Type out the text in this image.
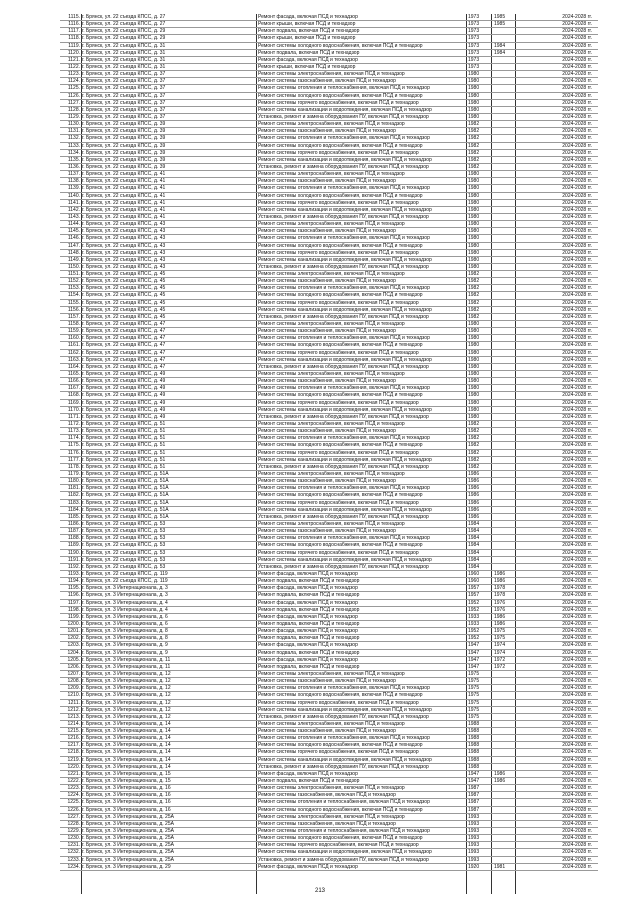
1115. г. Брянск, ул. 22 съезда КПСС, д. 27	Ремонт фасада, включая ПСД и технадзор	1973	1985	2024-2028 гг.
1116. г. Брянск, ул. 22 съезда КПСС, д. 27	Ремонт крыши, включая ПСД и технадзор	1973	1985	2024-2028 гг.
1117. г. Брянск, ул. 22 съезда КПСС, д. 29	Ремонт подвала, включая ПСД и технадзор	1973	2024-2028 гг.
1118. г. Брянск, ул. 22 съезда КПСС, д. 29	Ремонт крыши, включая ПСД и технадзор	1973	2024-2028 гг.
1119. г. Брянск, ул. 22 съезда КПСС, д. 31	Ремонт системы холодного водоснабжения, включая ПСД и технадзор	1973	1984	2024-2028 гг.
1120. г. Брянск, ул. 22 съезда КПСС, д. 31	Ремонт подвала, включая ПСД и технадзор	1973	1984	2024-2028 гг.
1121. г. Брянск, ул. 22 съезда КПСС, д. 31	Ремонт фасада, включая ПСД и технадзор	1973	2024-2028 гг.
1122. г. Брянск, ул. 22 съезда КПСС, д. 31	Ремонт крыши, включая ПСД и технадзор	1973	2024-2028 гг.
1123. г. Брянск, ул. 22 съезда КПСС, д. 37	Ремонт системы электроснабжения, включая ПСД и технадзор	1980	2024-2028 гг.
1124. г. Брянск, ул. 22 съезда КПСС, д. 37	Ремонт системы газоснабжения, включая ПСД и технадзор	1980	2024-2028 гг.
1125. г. Брянск, ул. 22 съезда КПСС, д. 37	Ремонт системы отопления и теплоснабжения, включая ПСД и технадзор	1980	2024-2028 гг.
1126. г. Брянск, ул. 22 съезда КПСС, д. 37	Ремонт системы холодного водоснабжения, включая ПСД и технадзор	1980	2024-2028 гг.
1127. г. Брянск, ул. 22 съезда КПСС, д. 37	Ремонт системы горячего водоснабжения, включая ПСД и технадзор	1980	2024-2028 гг.
1128. г. Брянск, ул. 22 съезда КПСС, д. 37	Ремонт системы канализации и водоотведения, включая ПСД и технадзор	1980	2024-2028 гг.
1129. г. Брянск, ул. 22 съезда КПСС, д. 37	Установка, ремонт и замена оборудования ПУ, включая ПСД и технадзор	1980	2024-2028 гг.
1130. г. Брянск, ул. 22 съезда КПСС, д. 39	Ремонт системы электроснабжения, включая ПСД и технадзор	1982	2024-2028 гг.
1131. г. Брянск, ул. 22 съезда КПСС, д. 39	Ремонт системы газоснабжения, включая ПСД и технадзор	1982	2024-2028 гг.
1132. г. Брянск, ул. 22 съезда КПСС, д. 39	Ремонт системы отопления и теплоснабжения, включая ПСД и технадзор	1982	2024-2028 гг.
1133. г. Брянск, ул. 22 съезда КПСС, д. 39	Ремонт системы холодного водоснабжения, включая ПСД и технадзор	1982	2024-2028 гг.
1134. г. Брянск, ул. 22 съезда КПСС, д. 39	Ремонт системы горячего водоснабжения, включая ПСД и технадзор	1982	2024-2028 гг.
1135. г. Брянск, ул. 22 съезда КПСС, д. 39	Ремонт системы канализации и водоотведения, включая ПСД и технадзор	1982	2024-2028 гг.
1136. г. Брянск, ул. 22 съезда КПСС, д. 39	Установка, ремонт и замена оборудования ПУ, включая ПСД и технадзор	1982	2024-2028 гг.
1137. г. Брянск, ул. 22 съезда КПСС, д. 41	Ремонт системы электроснабжения, включая ПСД и технадзор	1980	2024-2028 гг.
1138. г. Брянск, ул. 22 съезда КПСС, д. 41	Ремонт системы газоснабжения, включая ПСД и технадзор	1980	2024-2028 гг.
1139. г. Брянск, ул. 22 съезда КПСС, д. 41	Ремонт системы отопления и теплоснабжения, включая ПСД и технадзор	1980	2024-2028 гг.
1140. г. Брянск, ул. 22 съезда КПСС, д. 41	Ремонт системы холодного водоснабжения, включая ПСД и технадзор	1980	2024-2028 гг.
1141. г. Брянск, ул. 22 съезда КПСС, д. 41	Ремонт системы горячего водоснабжения, включая ПСД и технадзор	1980	2024-2028 гг.
1142. г. Брянск, ул. 22 съезда КПСС, д. 41	Ремонт системы канализации и водоотведения, включая ПСД и технадзор	1980	2024-2028 гг.
1143. г. Брянск, ул. 22 съезда КПСС, д. 41	Установка, ремонт и замена оборудования ПУ, включая ПСД и технадзор	1980	2024-2028 гг.
1144. г. Брянск, ул. 22 съезда КПСС, д. 43	Ремонт системы электроснабжения, включая ПСД и технадзор	1980	2024-2028 гг.
1145. г. Брянск, ул. 22 съезда КПСС, д. 43	Ремонт системы газоснабжения, включая ПСД и технадзор	1980	2024-2028 гг.
1146. г. Брянск, ул. 22 съезда КПСС, д. 43	Ремонт системы отопления и теплоснабжения, включая ПСД и технадзор	1980	2024-2028 гг.
1147. г. Брянск, ул. 22 съезда КПСС, д. 43	Ремонт системы холодного водоснабжения, включая ПСД и технадзор	1980	2024-2028 гг.
1148. г. Брянск, ул. 22 съезда КПСС, д. 43	Ремонт системы горячего водоснабжения, включая ПСД и технадзор	1980	2024-2028 гг.
1149. г. Брянск, ул. 22 съезда КПСС, д. 43	Ремонт системы канализации и водоотведения, включая ПСД и технадзор	1980	2024-2028 гг.
1150. г. Брянск, ул. 22 съезда КПСС, д. 43	Установка, ремонт и замена оборудования ПУ, включая ПСД и технадзор	1980	2024-2028 гг.
1151. г. Брянск, ул. 22 съезда КПСС, д. 45	Ремонт системы электроснабжения, включая ПСД и технадзор	1982	2024-2028 гг.
1152. г. Брянск, ул. 22 съезда КПСС, д. 45	Ремонт системы газоснабжения, включая ПСД и технадзор	1982	2024-2028 гг.
1153. г. Брянск, ул. 22 съезда КПСС, д. 45	Ремонт системы отопления и теплоснабжения, включая ПСД и технадзор	1982	2024-2028 гг.
1154. г. Брянск, ул. 22 съезда КПСС, д. 45	Ремонт системы холодного водоснабжения, включая ПСД и технадзор	1982	2024-2028 гг.
1155. г. Брянск, ул. 22 съезда КПСС, д. 45	Ремонт системы горячего водоснабжения, включая ПСД и технадзор	1982	2024-2028 гг.
1156. г. Брянск, ул. 22 съезда КПСС, д. 45	Ремонт системы канализации и водоотведения, включая ПСД и технадзор	1982	2024-2028 гг.
1157. г. Брянск, ул. 22 съезда КПСС, д. 45	Установка, ремонт и замена оборудования ПУ, включая ПСД и технадзор	1982	2024-2028 гг.
1158. г. Брянск, ул. 22 съезда КПСС, д. 47	Ремонт системы электроснабжения, включая ПСД и технадзор	1980	2024-2028 гг.
1159. г. Брянск, ул. 22 съезда КПСС, д. 47	Ремонт системы газоснабжения, включая ПСД и технадзор	1980	2024-2028 гг.
1160. г. Брянск, ул. 22 съезда КПСС, д. 47	Ремонт системы отопления и теплоснабжения, включая ПСД и технадзор	1980	2024-2028 гг.
1161. г. Брянск, ул. 22 съезда КПСС, д. 47	Ремонт системы холодного водоснабжения, включая ПСД и технадзор	1980	2024-2028 гг.
1162. г. Брянск, ул. 22 съезда КПСС, д. 47	Ремонт системы горячего водоснабжения, включая ПСД и технадзор	1980	2024-2028 гг.
1163. г. Брянск, ул. 22 съезда КПСС, д. 47	Ремонт системы канализации и водоотведения, включая ПСД и технадзор	1980	2024-2028 гг.
1164. г. Брянск, ул. 22 съезда КПСС, д. 47	Установка, ремонт и замена оборудования ПУ, включая ПСД и технадзор	1980	2024-2028 гг.
1165. г. Брянск, ул. 22 съезда КПСС, д. 49	Ремонт системы электроснабжения, включая ПСД и технадзор	1980	2024-2028 гг.
1166. г. Брянск, ул. 22 съезда КПСС, д. 49	Ремонт системы газоснабжения, включая ПСД и технадзор	1980	2024-2028 гг.
1167. г. Брянск, ул. 22 съезда КПСС, д. 49	Ремонт системы отопления и теплоснабжения, включая ПСД и технадзор	1980	2024-2028 гг.
1168. г. Брянск, ул. 22 съезда КПСС, д. 49	Ремонт системы холодного водоснабжения, включая ПСД и технадзор	1980	2024-2028 гг.
1169. г. Брянск, ул. 22 съезда КПСС, д. 49	Ремонт системы горячего водоснабжения, включая ПСД и технадзор	1980	2024-2028 гг.
1170. г. Брянск, ул. 22 съезда КПСС, д. 49	Ремонт системы канализации и водоотведения, включая ПСД и технадзор	1980	2024-2028 гг.
1171. г. Брянск, ул. 22 съезда КПСС, д. 49	Установка, ремонт и замена оборудования ПУ, включая ПСД и технадзор	1980	2024-2028 гг.
1172. г. Брянск, ул. 22 съезда КПСС, д. 51	Ремонт системы электроснабжения, включая ПСД и технадзор	1982	2024-2028 гг.
1173. г. Брянск, ул. 22 съезда КПСС, д. 51	Ремонт системы газоснабжения, включая ПСД и технадзор	1982	2024-2028 гг.
1174. г. Брянск, ул. 22 съезда КПСС, д. 51	Ремонт системы отопления и теплоснабжения, включая ПСД и технадзор	1982	2024-2028 гг.
1175. г. Брянск, ул. 22 съезда КПСС, д. 51	Ремонт системы холодного водоснабжения, включая ПСД и технадзор	1982	2024-2028 гг.
1176. г. Брянск, ул. 22 съезда КПСС, д. 51	Ремонт системы горячего водоснабжения, включая ПСД и технадзор	1982	2024-2028 гг.
1177. г. Брянск, ул. 22 съезда КПСС, д. 51	Ремонт системы канализации и водоотведения, включая ПСД и технадзор	1982	2024-2028 гг.
1178. г. Брянск, ул. 22 съезда КПСС, д. 51	Установка, ремонт и замена оборудования ПУ, включая ПСД и технадзор	1982	2024-2028 гг.
1179. г. Брянск, ул. 22 съезда КПСС, д. 51А	Ремонт системы электроснабжения, включая ПСД и технадзор	1986	2024-2028 гг.
1180. г. Брянск, ул. 22 съезда КПСС, д. 51А	Ремонт системы газоснабжения, включая ПСД и технадзор	1986	2024-2028 гг.
1181. г. Брянск, ул. 22 съезда КПСС, д. 51А	Ремонт системы отопления и теплоснабжения, включая ПСД и технадзор	1986	2024-2028 гг.
1182. г. Брянск, ул. 22 съезда КПСС, д. 51А	Ремонт системы холодного водоснабжения, включая ПСД и технадзор	1986	2024-2028 гг.
1183. г. Брянск, ул. 22 съезда КПСС, д. 51А	Ремонт системы горячего водоснабжения, включая ПСД и технадзор	1986	2024-2028 гг.
1184. г. Брянск, ул. 22 съезда КПСС, д. 51А	Ремонт системы канализации и водоотведения, включая ПСД и технадзор	1986	2024-2028 гг.
1185. г. Брянск, ул. 22 съезда КПСС, д. 51А	Установка, ремонт и замена оборудования ПУ, включая ПСД и технадзор	1986	2024-2028 гг.
1186. г. Брянск, ул. 22 съезда КПСС, д. 53	Ремонт системы электроснабжения, включая ПСД и технадзор	1984	2024-2028 гг.
1187. г. Брянск, ул. 22 съезда КПСС, д. 53	Ремонт системы газоснабжения, включая ПСД и технадзор	1984	2024-2028 гг.
1188. г. Брянск, ул. 22 съезда КПСС, д. 53	Ремонт системы отопления и теплоснабжения, включая ПСД и технадзор	1984	2024-2028 гг.
1189. г. Брянск, ул. 22 съезда КПСС, д. 53	Ремонт системы холодного водоснабжения, включая ПСД и технадзор	1984	2024-2028 гг.
1190. г. Брянск, ул. 22 съезда КПСС, д. 53	Ремонт системы горячего водоснабжения, включая ПСД и технадзор	1984	2024-2028 гг.
1191. г. Брянск, ул. 22 съезда КПСС, д. 53	Ремонт системы канализации и водоотведения, включая ПСД и технадзор	1984	2024-2028 гг.
1192. г. Брянск, ул. 22 съезда КПСС, д. 53	Установка, ремонт и замена оборудования ПУ, включая ПСД и технадзор	1984	2024-2028 гг.
1193. г. Брянск, ул. 22 съезда КПСС, д. 119	Ремонт фасада, включая ПСД и технадзор	1960	1986	2024-2028 гг.
1194. г. Брянск, ул. 22 съезда КПСС, д. 119	Ремонт подвала, включая ПСД и технадзор	1960	1986	2024-2028 гг.
1195. г. Брянск, ул. 3 Интернационала, д. 3	Ремонт фасада, включая ПСД и технадзор	1957	1978	2024-2028 гг.
1196. г. Брянск, ул. 3 Интернационала, д. 3	Ремонт подвала, включая ПСД и технадзор	1957	1978	2024-2028 гг.
1197. г. Брянск, ул. 3 Интернационала, д. 4	Ремонт фасада, включая ПСД и технадзор	1952	1976	2024-2028 гг.
1198. г. Брянск, ул. 3 Интернационала, д. 4	Ремонт подвала, включая ПСД и технадзор	1952	1976	2024-2028 гг.
1199. г. Брянск, ул. 3 Интернационала, д. 6	Ремонт фасада, включая ПСД и технадзор	1933	1986	2024-2028 гг.
1200. г. Брянск, ул. 3 Интернационала, д. 6	Ремонт подвала, включая ПСД и технадзор	1933	1986	2024-2028 гг.
1201. г. Брянск, ул. 3 Интернационала, д. 8	Ремонт фасада, включая ПСД и технадзор	1952	1975	2024-2028 гг.
1202. г. Брянск, ул. 3 Интернационала, д. 8	Ремонт подвала, включая ПСД и технадзор	1952	1975	2024-2028 гг.
1203. г. Брянск, ул. 3 Интернационала, д. 9	Ремонт фасада, включая ПСД и технадзор	1947	1974	2024-2028 гг.
1204. г. Брянск, ул. 3 Интернационала, д. 9	Ремонт подвала, включая ПСД и технадзор	1947	1974	2024-2028 гг.
1205. г. Брянск, ул. 3 Интернационала, д. 11	Ремонт фасада, включая ПСД и технадзор	1947	1972	2024-2028 гг.
1206. г. Брянск, ул. 3 Интернационала, д. 11	Ремонт подвала, включая ПСД и технадзор	1947	1972	2024-2028 гг.
1207. г. Брянск, ул. 3 Интернационала, д. 12	Ремонт системы электроснабжения, включая ПСД и технадзор	1975	2024-2028 гг.
1208. г. Брянск, ул. 3 Интернационала, д. 12	Ремонт системы газоснабжения, включая ПСД и технадзор	1975	2024-2028 гг.
1209. г. Брянск, ул. 3 Интернационала, д. 12	Ремонт системы отопления и теплоснабжения, включая ПСД и технадзор	1975	2024-2028 гг.
1210. г. Брянск, ул. 3 Интернационала, д. 12	Ремонт системы холодного водоснабжения, включая ПСД и технадзор	1975	2024-2028 гг.
1211. г. Брянск, ул. 3 Интернационала, д. 12	Ремонт системы горячего водоснабжения, включая ПСД и технадзор	1975	2024-2028 гг.
1212. г. Брянск, ул. 3 Интернационала, д. 12	Ремонт системы канализации и водоотведения, включая ПСД и технадзор	1975	2024-2028 гг.
1213. г. Брянск, ул. 3 Интернационала, д. 12	Установка, ремонт и замена оборудования ПУ, включая ПСД и технадзор	1975	2024-2028 гг.
1214. г. Брянск, ул. 3 Интернационала, д. 14	Ремонт системы электроснабжения, включая ПСД и технадзор	1988	2024-2028 гг.
1215. г. Брянск, ул. 3 Интернационала, д. 14	Ремонт системы газоснабжения, включая ПСД и технадзор	1988	2024-2028 гг.
1216. г. Брянск, ул. 3 Интернационала, д. 14	Ремонт системы отопления и теплоснабжения, включая ПСД и технадзор	1988	2024-2028 гг.
1217. г. Брянск, ул. 3 Интернационала, д. 14	Ремонт системы холодного водоснабжения, включая ПСД и технадзор	1988	2024-2028 гг.
1218. г. Брянск, ул. 3 Интернационала, д. 14	Ремонт системы горячего водоснабжения, включая ПСД и технадзор	1988	2024-2028 гг.
1219. г. Брянск, ул. 3 Интернационала, д. 14	Ремонт системы канализации и водоотведения, включая ПСД и технадзор	1988	2024-2028 гг.
1220. г. Брянск, ул. 3 Интернационала, д. 14	Установка, ремонт и замена оборудования ПУ, включая ПСД и технадзор	1988	2024-2028 гг.
1221. г. Брянск, ул. 3 Интернационала, д. 15	Ремонт фасада, включая ПСД и технадзор	1947	1986	2024-2028 гг.
1222. г. Брянск, ул. 3 Интернационала, д. 15	Ремонт подвала, включая ПСД и технадзор	1947	1986	2024-2028 гг.
1223. г. Брянск, ул. 3 Интернационала, д. 16	Ремонт системы электроснабжения, включая ПСД и технадзор	1987	2024-2028 гг.
1224. г. Брянск, ул. 3 Интернационала, д. 16	Ремонт системы газоснабжения, включая ПСД и технадзор	1987	2024-2028 гг.
1225. г. Брянск, ул. 3 Интернационала, д. 16	Ремонт системы отопления и теплоснабжения, включая ПСД и технадзор	1987	2024-2028 гг.
1226. г. Брянск, ул. 3 Интернационала, д. 16	Ремонт системы холодного водоснабжения, включая ПСД и технадзор	1987	2024-2028 гг.
1227. г. Брянск, ул. 3 Интернационала, д. 25А	Ремонт системы электроснабжения, включая ПСД и технадзор	1993	2024-2028 гг.
1228. г. Брянск, ул. 3 Интернационала, д. 25А	Ремонт системы газоснабжения, включая ПСД и технадзор	1993	2024-2028 гг.
1229. г. Брянск, ул. 3 Интернационала, д. 25А	Ремонт системы отопления и теплоснабжения, включая ПСД и технадзор	1993	2024-2028 гг.
1230. г. Брянск, ул. 3 Интернационала, д. 25А	Ремонт системы холодного водоснабжения, включая ПСД и технадзор	1993	2024-2028 гг.
1231. г. Брянск, ул. 3 Интернационала, д. 25А	Ремонт системы горячего водоснабжения, включая ПСД и технадзор	1993	2024-2028 гг.
1232. г. Брянск, ул. 3 Интернационала, д. 25А	Ремонт системы канализации и водоотведения, включая ПСД и технадзор	1993	2024-2028 гг.
1233. г. Брянск, ул. 3 Интернационала, д. 25А	Установка, ремонт и замена оборудования ПУ, включая ПСД и технадзор	1993	2024-2028 гг.
1234. г. Брянск, ул. 3 Интернационала, д. 29	Ремонт фасада, включая ПСД и технадзор	1920	1981	2024-2028 гг.
213
